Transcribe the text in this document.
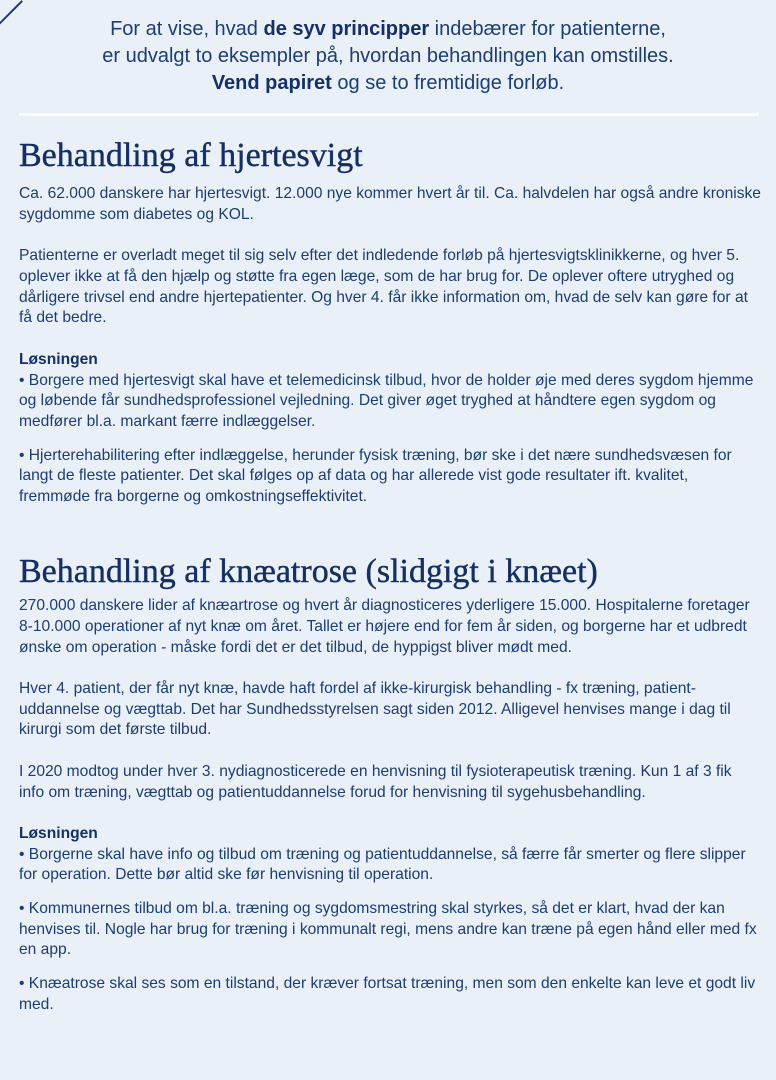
For at vise, hvad de syv principper indebærer for patienterne,
er udvalgt to eksempler på, hvordan behandlingen kan omstilles.
Vend papiret og se to fremtidige forløb.
Behandling af hjertesvigt

Ca. 62.000 danskere har hjertesvigt. 12.000 nye kommer hvert år til. Ca. halvdelen har også andre kroniske sygdomme som diabetes og KOL.

Patienterne er overladt meget til sig selv efter det indledende forløb på hjertesvigtsklinikkerne, og hver 5. oplever ikke at få den hjælp og støtte fra egen læge, som de har brug for. De oplever oftere utryghed og dårligere trivsel end andre hjertepatienter. Og hver 4. får ikke information om, hvad de selv kan gøre for at få det bedre.

Løsningen

• Borgere med hjertesvigt skal have et telemedicinsk tilbud, hvor de holder øje med deres sygdom hjemme og løbende får sundhedsprofessionel vejledning. Det giver øget tryghed at håndtere egen sygdom og medfører bl.a. markant færre indlæggelser.

• Hjerterehabilitering efter indlæggelse, herunder fysisk træning, bør ske i det nære sundhedsvæsen for langt de fleste patienter. Det skal følges op af data og har allerede vist gode resultater ift. kvalitet, fremmøde fra borgerne og omkostningseffektivitet.

Behandling af knæatrose (slidgigt i knæet)

270.000 danskere lider af knæartrose og hvert år diagnosticeres yderligere 15.000. Hospitalerne foretager 8-10.000 operationer af nyt knæ om året. Tallet er højere end for fem år siden, og borgerne har et udbredt ønske om operation - måske fordi det er det tilbud, de hyppigst bliver mødt med.

Hver 4. patient, der får nyt knæ, havde haft fordel af ikke-kirurgisk behandling - fx træning, patient-uddannelse og vægttab. Det har Sundhedsstyrelsen sagt siden 2012. Alligevel henvises mange i dag til kirurgi som det første tilbud.

I 2020 modtog under hver 3. nydiagnosticerede en henvisning til fysioterapeutisk træning. Kun 1 af 3 fik info om træning, vægttab og patientuddannelse forud for henvisning til sygehusbehandling.

Løsningen

• Borgerne skal have info og tilbud om træning og patientuddannelse, så færre får smerter og flere slipper for operation. Dette bør altid ske før henvisning til operation.

• Kommunernes tilbud om bl.a. træning og sygdomsmestring skal styrkes, så det er klart, hvad der kan henvises til. Nogle har brug for træning i kommunalt regi, mens andre kan træne på egen hånd eller med fx en app.

• Knæatrose skal ses som en tilstand, der kræver fortsat træning, men som den enkelte kan leve et godt liv med.
